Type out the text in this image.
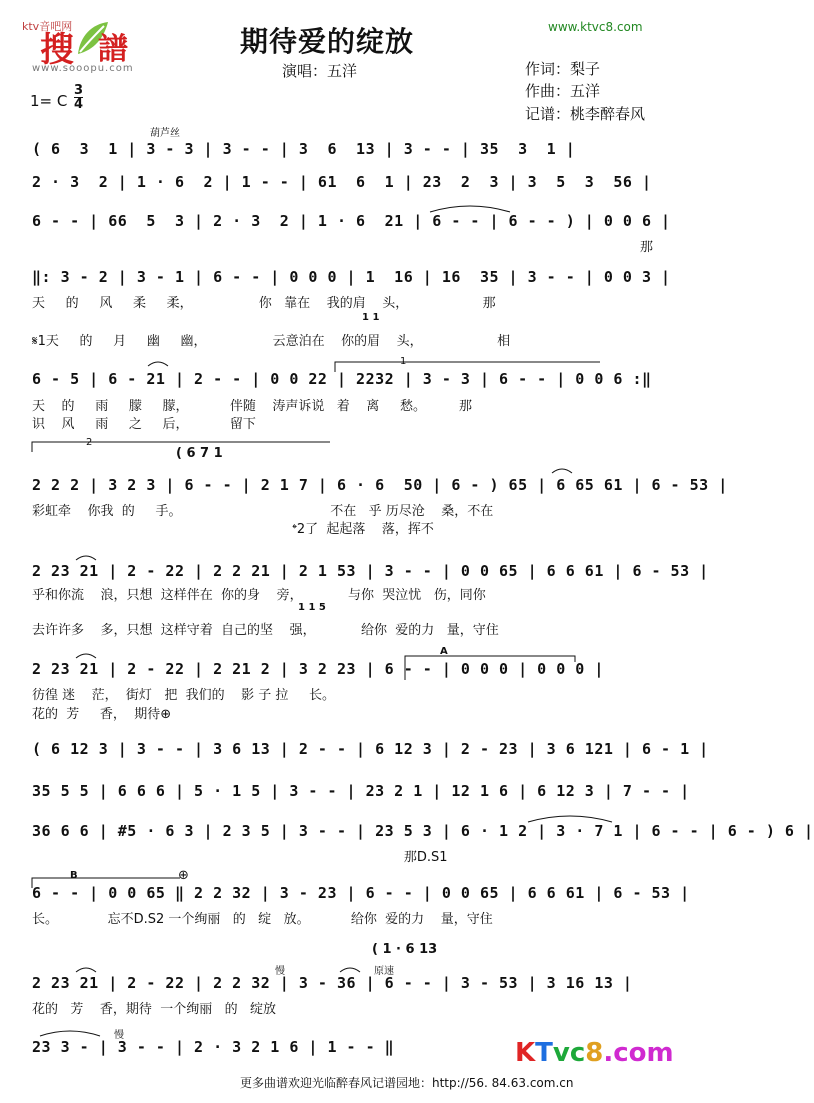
ktv音吧网
搜 譜
www.sooopu.com
www.ktvc8.com
期待爱的绽放
演唱：五洋	作词：梨子
作曲：五洋
记谱：桃李醉春风
1= C
3
4
葫芦丝
( 6  3  1 | 3 - 3 | 3 - - | 3  6  13 | 3 - - | 35  3  1 |
2 · 3  2 | 1 · 6  2 | 1 - - | 61  6  1 | 23  2  3 | 3  5  3  56 |
6 - - | 66  5  3 | 2 · 3  2 | 1 · 6  21 | 6 - - | 6 - - ) | 0 0 6 |
那
‖: 3 - 2 | 3 - 1 | 6 - - | 0 0 0 | 1  16 | 16  35 | 3 - - | 0 0 3 |
天     的     风     柔     柔，                你   靠在    我的肩    头，                  那
𝄋1天     的     月     幽     幽，                云意泊在    你的眉    头，                  相
6 - 5 | 6 - 21 | 2 - - | 0 0 22 | 2232 | 3 - 3 | 6 - - | 0 0 6 :‖
天    的     雨     朦     朦，          伴随    涛声诉说   着    离     愁。        那
识    风     雨     之     后，          留下
2 2 2 | 3 2 3 | 6 - - | 2 1 7 | 6 · 6  50 | 6 - ) 65 | 6 65 61 | 6 - 53 |
彩虹牵    你我  的     手。                                    不在   乎 历尽沧    桑，不在
𝄌2了  起起落    落，挥不
2 23 21 | 2 - 22 | 2 2 21 | 2 1 53 | 3 - - | 0 0 65 | 6 6 61 | 6 - 53 |
乎和你流    浪，只想  这样伴在  你的身    旁，           与你  哭泣忧   伤，同你
去许许多    多，只想  这样守着  自己的坚    强，           给你  爱的力   量，守住
2 23 21 | 2 - 22 | 2 21 2 | 3 2 23 | 6 - - | 0 0 0 | 0 0 0 |
彷徨 迷    茫，  街灯   把  我们的    影 子 拉     长。
花的  芳     香，  期待⊕
( 6 12 3 | 3 - - | 3 6 13 | 2 - - | 6 12 3 | 2 - 23 | 3 6 121 | 6 - 1 |
35 5 5 | 6 6 6 | 5 · 1 5 | 3 - - | 23 2 1 | 12 1 6 | 6 12 3 | 7 - - |
36 6 6 | #5 · 6 3 | 2 3 5 | 3 - - | 23 5 3 | 6 · 1 2 | 3 · 7 1 | 6 - - | 6 - ) 6 |
那D.S1
6 - - | 0 0 65 ‖ 2 2 32 | 3 - 23 | 6 - - | 0 0 65 | 6 6 61 | 6 - 53 |
长。            忘不D.S2 一个绚丽   的   绽   放。          给你  爱的力    量，守住
2 23 21 | 2 - 22 | 2 2 32 | 3 - 36 | 6 - - | 3 - 53 | 3 16 13 |
花的   芳    香，期待  一个绚丽   的   绽放
23 3 - | 3 - - | 2 · 3 2 1 6 | 1 - - ‖
1
2
( 6 7 1
1 1
1 1 5
A
B	⊕
慢	原速
慢
( 1 · 6 13
更多曲谱欢迎光临醉春风记谱园地：http://56. 84.63.com.cn
KTvc8.com
